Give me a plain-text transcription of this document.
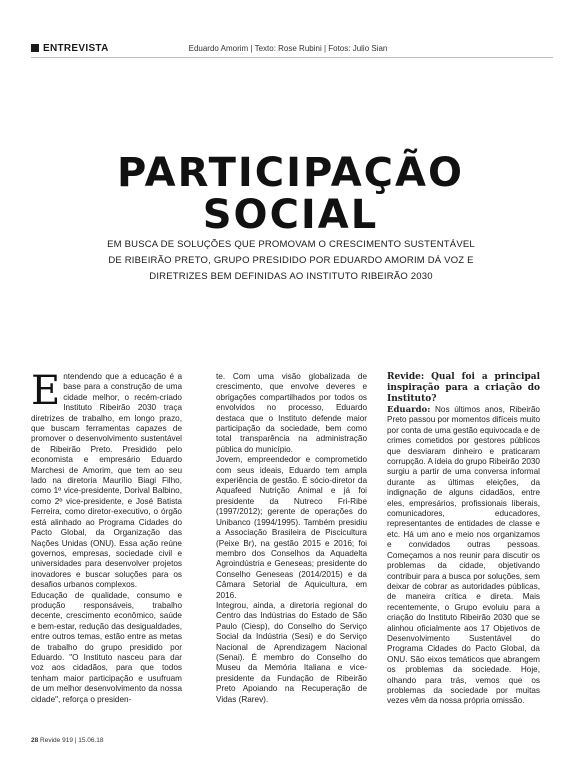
ENTREVISTA	Eduardo Amorim | Texto: Rose Rubini | Fotos: Julio Sian
PARTICIPAÇÃO
SOCIAL
EM BUSCA DE SOLUÇÕES QUE PROMOVAM O CRESCIMENTO SUSTENTÁVEL
DE RIBEIRÃO PRETO, GRUPO PRESIDIDO POR EDUARDO AMORIM DÁ VOZ E
DIRETRIZES BEM DEFINIDAS AO INSTITUTO RIBEIRÃO 2030

Entendendo que a educação é a base para a construção de uma cidade melhor, o recém-criado Instituto Ribeirão 2030 traça diretrizes de trabalho, em longo prazo, que buscam ferramentas capazes de promover o desenvolvimento sustentável de Ribeirão Preto. Presidido pelo economista e empresário Eduardo Marchesi de Amorim, que tem ao seu lado na diretoria Maurílio Biagi Filho, como 1º vice-presidente, Dorival Balbino, como 2º vice-presidente, e José Batista Ferreira, como diretor-executivo, o órgão está alinhado ao Programa Cidades do Pacto Global, da Organização das Nações Unidas (ONU). Essa ação reúne governos, empresas, sociedade civil e universidades para desenvolver projetos inovadores e buscar soluções para os desafios urbanos complexos.

Educação de qualidade, consumo e produção responsáveis, trabalho decente, crescimento econômico, saúde e bem-estar, redução das desigualdades, entre outros temas, estão entre as metas de trabalho do grupo presidido por Eduardo. "O Instituto nasceu para dar voz aos cidadãos, para que todos tenham maior participação e usufruam de um melhor desenvolvimento da nossa cidade", reforça o presiden-

te. Com uma visão globalizada de crescimento, que envolve deveres e obrigações compartilhados por todos os envolvidos no processo, Eduardo destaca que o Instituto defende maior participação da sociedade, bem como total transparência na administração pública do município.

Jovem, empreendedor e comprometido com seus ideais, Eduardo tem ampla experiência de gestão. É sócio-diretor da Aquafeed Nutrição Animal e já foi presidente da Nutreco Fri-Ribe (1997/2012); gerente de operações do Unibanco (1994/1995). Também presidiu a Associação Brasileira de Piscicultura (Peixe Br), na gestão 2015 e 2016; foi membro dos Conselhos da Aquadelta Agroindústria e Geneseas; presidente do Conselho Geneseas (2014/2015) e da Câmara Setorial de Aquicultura, em 2016.

Integrou, ainda, a diretoria regional do Centro das Indústrias do Estado de São Paulo (Ciesp), do Conselho do Serviço Social da Indústria (Sesi) e do Serviço Nacional de Aprendizagem Nacional (Senai). É membro do Conselho do Museu da Memória Italiana e vice-presidente da Fundação de Ribeirão Preto Apoiando na Recuperação de Vidas (Rarev).

Revide: Qual foi a principal inspiração para a criação do Instituto?

Eduardo: Nos últimos anos, Ribeirão Preto passou por momentos difíceis muito por conta de uma gestão equivocada e de crimes cometidos por gestores públicos que desviaram dinheiro e praticaram corrupção. A ideia do grupo Ribeirão 2030 surgiu a partir de uma conversa informal durante as últimas eleições, da indignação de alguns cidadãos, entre eles, empresários, profissionais liberais, comunicadores, educadores, representantes de entidades de classe e etc. Há um ano e meio nos organizamos e convidados outras pessoas. Começamos a nos reunir para discutir os problemas da cidade, objetivando contribuir para a busca por soluções, sem deixar de cobrar as autoridades públicas, de maneira crítica e direta. Mais recentemente, o Grupo evoluiu para a criação do Instituto Ribeirão 2030 que se alinhou oficialmente aos 17 Objetivos de Desenvolvimento Sustentável do Programa Cidades do Pacto Global, da ONU. São eixos temáticos que abrangem os problemas da sociedade. Hoje, olhando para trás, vemos que os problemas da sociedade por muitas vezes vêm da nossa própria omissão.

28 Revide 919 | 15.06.18
